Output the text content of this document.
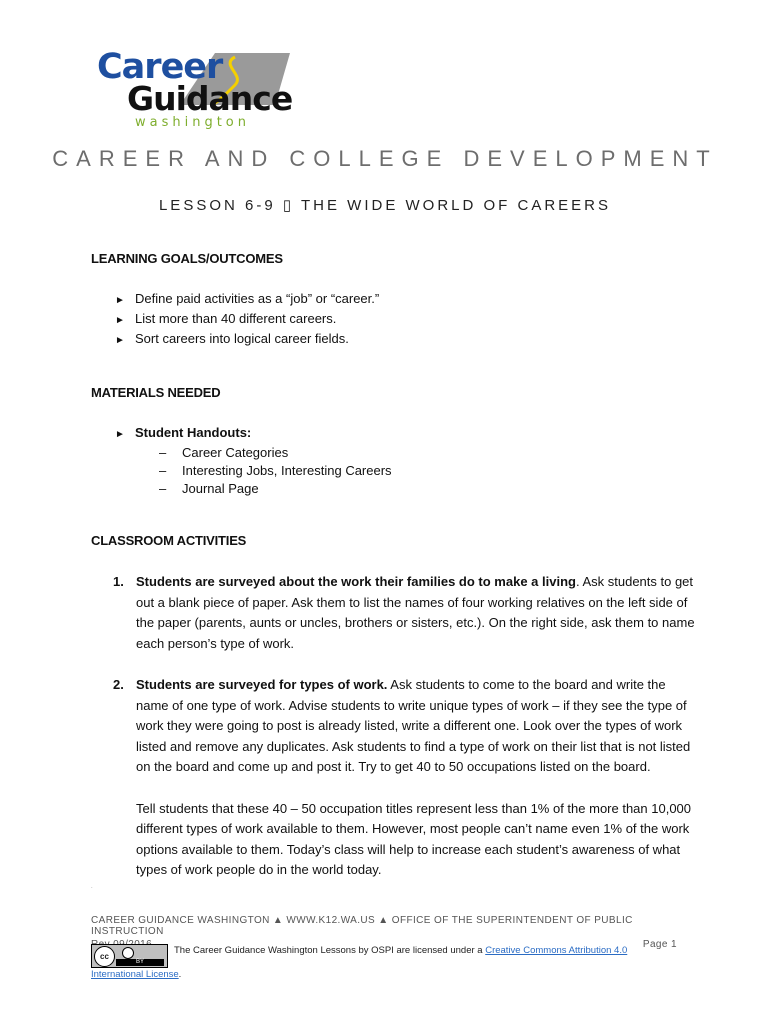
Career
Guidance
washington
CAREER AND COLLEGE DEVELOPMENT
LESSON 6-9 ▯ THE WIDE WORLD OF CAREERS
LEARNING GOALS/OUTCOMES
► Define paid activities as a “job” or “career.”
► List more than 40 different careers.
► Sort careers into logical career fields.
MATERIALS NEEDED
► Student Handouts:
– Career Categories
– Interesting Jobs, Interesting Careers
– Journal Page
CLASSROOM ACTIVITIES
1. Students are surveyed about the work their families do to make a living. Ask students to get out a blank piece of paper. Ask them to list the names of four working relatives on the left side of the paper (parents, aunts or uncles, brothers or sisters, etc.). On the right side, ask them to name each person’s type of work.
2. Students are surveyed for types of work. Ask students to come to the board and write the name of one type of work. Advise students to write unique types of work – if they see the type of work they were going to post is already listed, write a different one. Look over the types of work listed and remove any duplicates. Ask students to find a type of work on their list that is not listed on the board and come up and post it. Try to get 40 to 50 occupations listed on the board.
Tell students that these 40 – 50 occupation titles represent less than 1% of the more than 10,000 different types of work available to them. However, most people can’t name even 1% of the work options available to them. Today’s class will help to increase each student’s awareness of what types of work people do in the world today.
.
CAREER GUIDANCE WASHINGTON ▲ WWW.K12.WA.US ▲ OFFICE OF THE SUPERINTENDENT OF PUBLIC INSTRUCTION
Page 1
cc
BY
The Career Guidance Washington Lessons by OSPI are licensed under a Creative Commons Attribution 4.0 International License.
